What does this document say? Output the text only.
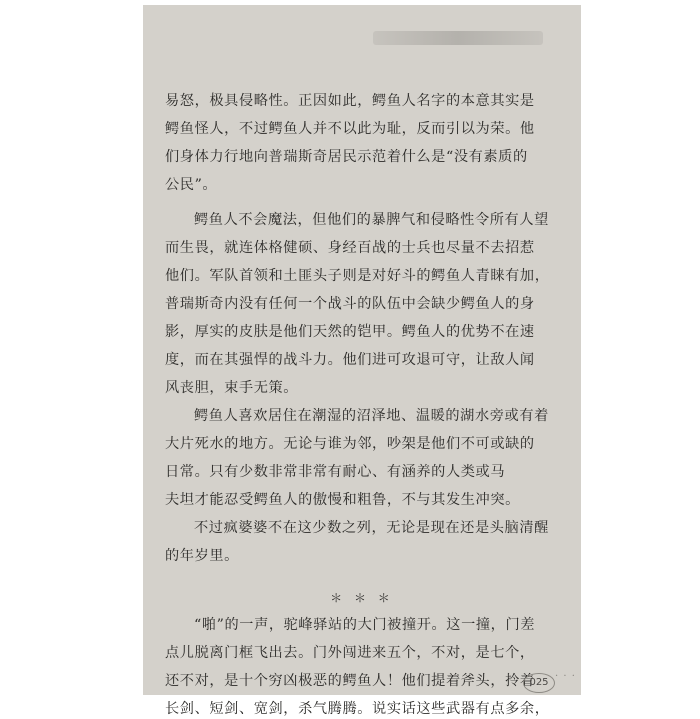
易怒，极具侵略性。正因如此，鳄鱼人名字的本意其实是
鳄鱼怪人，不过鳄鱼人并不以此为耻，反而引以为荣。他
们身体力行地向普瑞斯奇居民示范着什么是“没有素质的
公民”。
鳄鱼人不会魔法，但他们的暴脾气和侵略性令所有人望
而生畏，就连体格健硕、身经百战的士兵也尽量不去招惹
他们。军队首领和土匪头子则是对好斗的鳄鱼人青睐有加，
普瑞斯奇内没有任何一个战斗的队伍中会缺少鳄鱼人的身
影，厚实的皮肤是他们天然的铠甲。鳄鱼人的优势不在速
度，而在其强悍的战斗力。他们进可攻退可守，让敌人闻
风丧胆，束手无策。
鳄鱼人喜欢居住在潮湿的沼泽地、温暖的湖水旁或有着
大片死水的地方。无论与谁为邻，吵架是他们不可或缺的
日常。只有少数非常非常有耐心、有涵养的人类或马
夫坦才能忍受鳄鱼人的傲慢和粗鲁，不与其发生冲突。
不过疯婆婆不在这少数之列，无论是现在还是头脑清醒
的年岁里。
＊ ＊ ＊
“啪”的一声，驼峰驿站的大门被撞开。这一撞，门差
点儿脱离门框飞出去。门外闯进来五个，不对，是七个，
还不对，是十个穷凶极恶的鳄鱼人！他们提着斧头，拎着
长剑、短剑、宽剑，杀气腾腾。说实话这些武器有点多余，
025
· · ·
